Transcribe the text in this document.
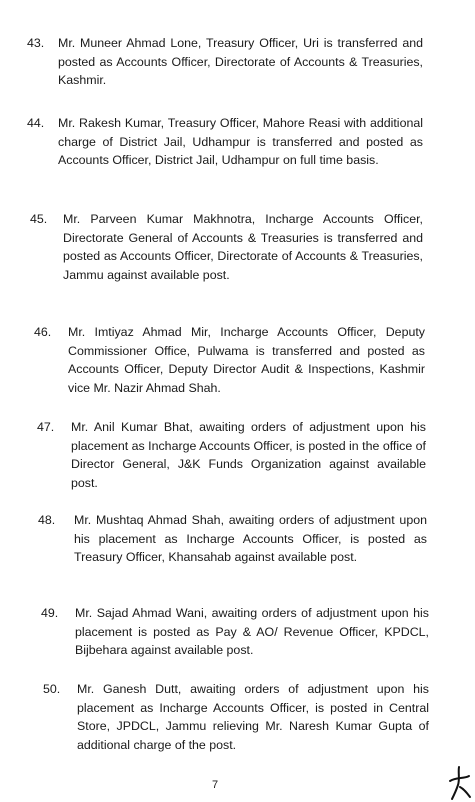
43.	Mr. Muneer Ahmad Lone, Treasury Officer, Uri is transferred and posted as Accounts Officer, Directorate of Accounts & Treasuries, Kashmir.
44.	Mr. Rakesh Kumar, Treasury Officer, Mahore Reasi with additional charge of District Jail, Udhampur is transferred and posted as Accounts Officer, District Jail, Udhampur on full time basis.
45.	Mr. Parveen Kumar Makhnotra, Incharge Accounts Officer, Directorate General of Accounts & Treasuries is transferred and posted as Accounts Officer, Directorate of Accounts & Treasuries, Jammu against available post.
46.	Mr. Imtiyaz Ahmad Mir, Incharge Accounts Officer, Deputy Commissioner Office, Pulwama is transferred and posted as Accounts Officer, Deputy Director Audit & Inspections, Kashmir vice Mr. Nazir Ahmad Shah.
47.	Mr. Anil Kumar Bhat, awaiting orders of adjustment upon his placement as Incharge Accounts Officer, is posted in the office of Director General, J&K Funds Organization against available post.
48.	Mr. Mushtaq Ahmad Shah, awaiting orders of adjustment upon his placement as Incharge Accounts Officer, is posted as Treasury Officer, Khansahab against available post.
49.	Mr. Sajad Ahmad Wani, awaiting orders of adjustment upon his placement is posted as Pay & AO/ Revenue Officer, KPDCL, Bijbehara against available post.
50.	Mr. Ganesh Dutt, awaiting orders of adjustment upon his placement as Incharge Accounts Officer, is posted in Central Store, JPDCL, Jammu relieving Mr. Naresh Kumar Gupta of additional charge of the post.
7
